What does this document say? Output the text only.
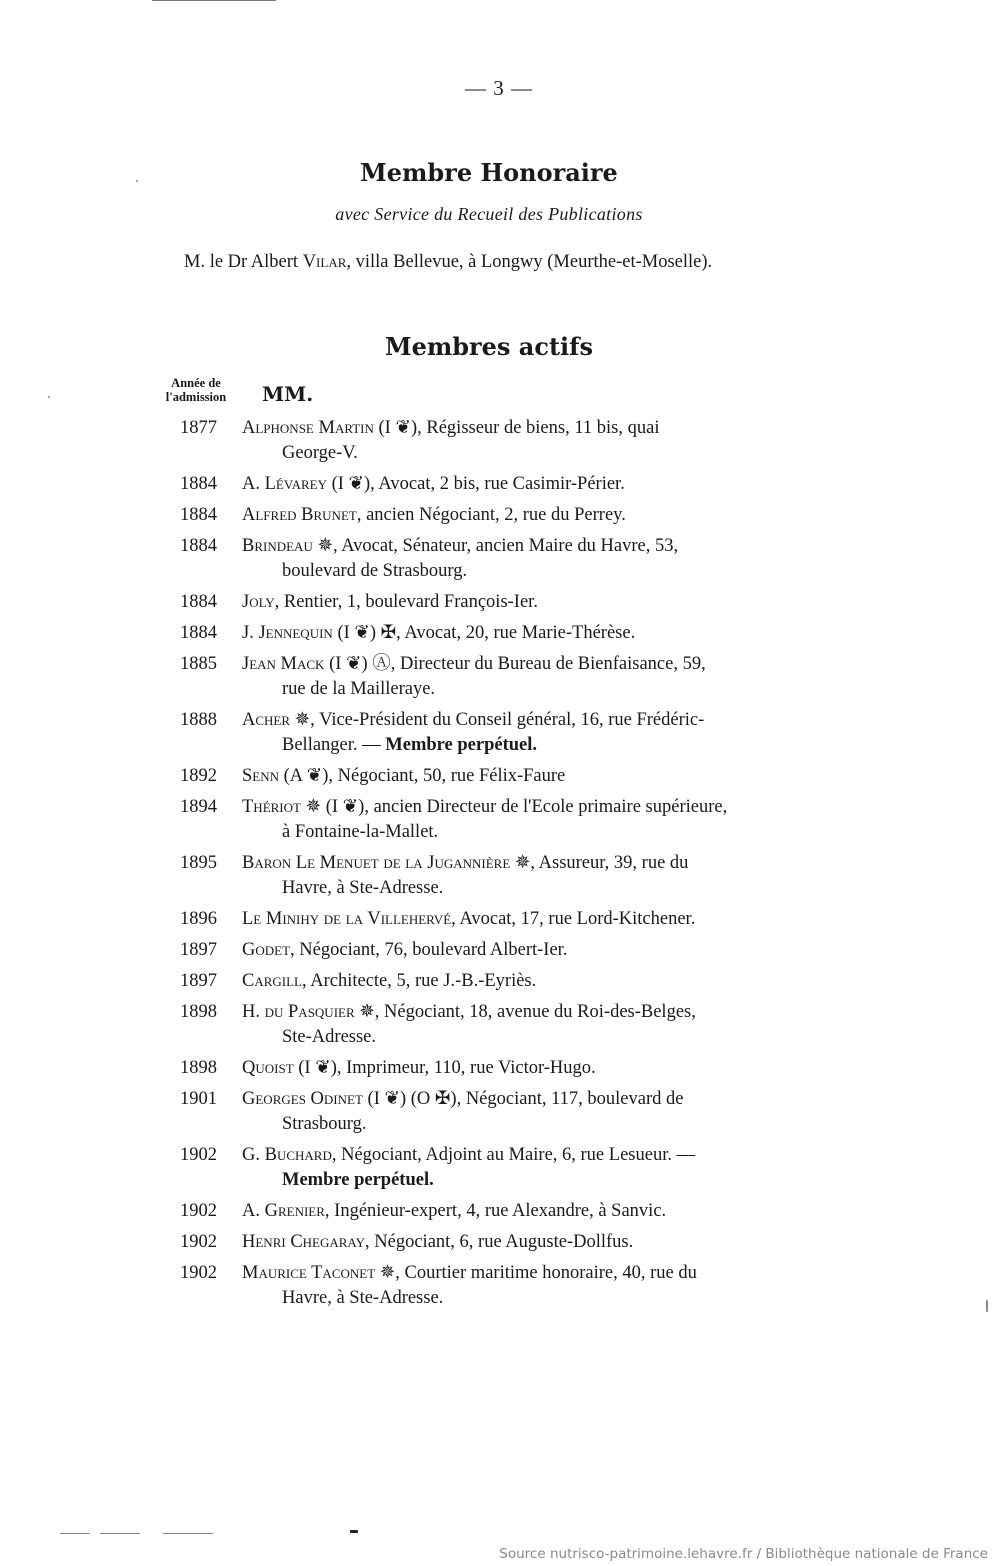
— 3 —
Membre Honoraire
avec Service du Recueil des Publications
M. le Dr Albert Vilar, villa Bellevue, à Longwy (Meurthe-et-Moselle).
Membres actifs
Année de l'admission	MM.
1877	Alphonse Martin (I ❦), Régisseur de biens, 11 bis, quai
George-V.
1884	A. Lévarey (I ❦), Avocat, 2 bis, rue Casimir-Périer.
1884	Alfred Brunet, ancien Négociant, 2, rue du Perrey.
1884	Brindeau ✵, Avocat, Sénateur, ancien Maire du Havre, 53,
boulevard de Strasbourg.
1884	Joly, Rentier, 1, boulevard François-Ier.
1884	J. Jennequin (I ❦) ✠, Avocat, 20, rue Marie-Thérèse.
1885	Jean Mack (I ❦) Ⓐ, Directeur du Bureau de Bienfaisance, 59,
rue de la Mailleraye.
1888	Acher ✵, Vice-Président du Conseil général, 16, rue Frédéric-
Bellanger. — Membre perpétuel.
1892	Senn (A ❦), Négociant, 50, rue Félix-Faure
1894	Thériot ✵ (I ❦), ancien Directeur de l'Ecole primaire supérieure,
à Fontaine-la-Mallet.
1895	Baron Le Menuet de la Jugannière ✵, Assureur, 39, rue du
Havre, à Ste-Adresse.
1896	Le Minihy de la Villehervé, Avocat, 17, rue Lord-Kitchener.
1897	Godet, Négociant, 76, boulevard Albert-Ier.
1897	Cargill, Architecte, 5, rue J.-B.-Eyriès.
1898	H. du Pasquier ✵, Négociant, 18, avenue du Roi-des-Belges,
Ste-Adresse.
1898	Quoist (I ❦), Imprimeur, 110, rue Victor-Hugo.
1901	Georges Odinet (I ❦) (O ✠), Négociant, 117, boulevard de
Strasbourg.
1902	G. Buchard, Négociant, Adjoint au Maire, 6, rue Lesueur. —
Membre perpétuel.
1902	A. Grenier, Ingénieur-expert, 4, rue Alexandre, à Sanvic.
1902	Henri Chegaray, Négociant, 6, rue Auguste-Dollfus.
1902	Maurice Taconet ✵, Courtier maritime honoraire, 40, rue du
Havre, à Ste-Adresse.
Source nutrisco-patrimoine.lehavre.fr / Bibliothèque nationale de France
